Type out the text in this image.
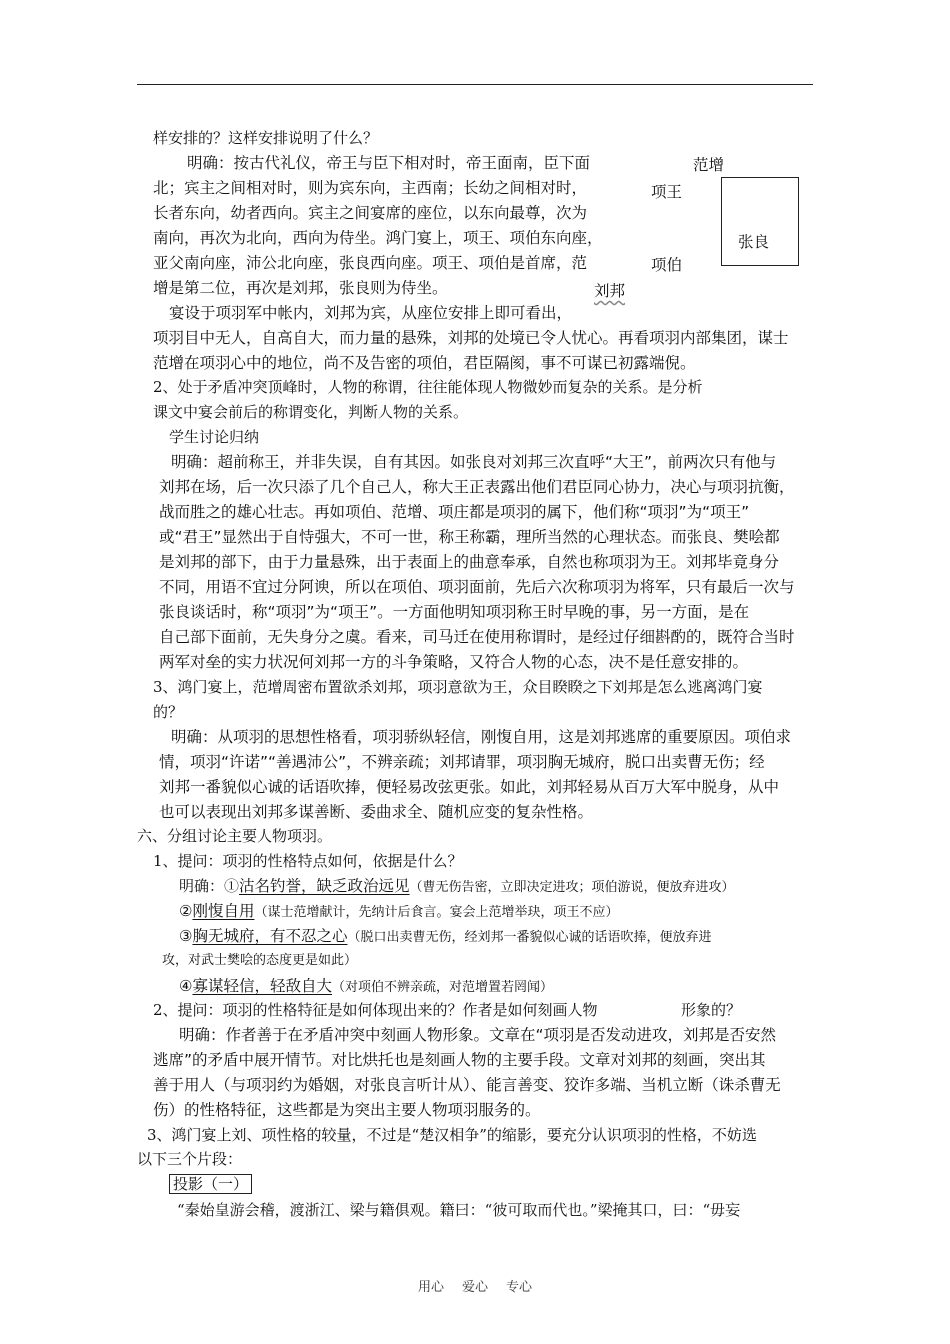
范增
项王
张良
项伯
刘邦
样安排的？这样安排说明了什么？
明确：按古代礼仪，帝王与臣下相对时，帝王面南，臣下面
北；宾主之间相对时，则为宾东向，主西南；长幼之间相对时，
长者东向，幼者西向。宾主之间宴席的座位，以东向最尊，次为
南向，再次为北向，西向为侍坐。鸿门宴上，项王、项伯东向座，
亚父南向座，沛公北向座，张良西向座。项王、项伯是首席，范
增是第二位，再次是刘邦，张良则为侍坐。
宴设于项羽军中帐内，刘邦为宾，从座位安排上即可看出，
项羽目中无人，自高自大，而力量的悬殊，刘邦的处境已令人忧心。再看项羽内部集团，谋士
范增在项羽心中的地位，尚不及告密的项伯，君臣隔阂，事不可谋已初露端倪。
2、处于矛盾冲突顶峰时，人物的称谓，往往能体现人物微妙而复杂的关系。是分析
课文中宴会前后的称谓变化，判断人物的关系。
学生讨论归纳
明确：超前称王，并非失误，自有其因。如张良对刘邦三次直呼“大王”，前两次只有他与
刘邦在场，后一次只添了几个自己人，称大王正表露出他们君臣同心协力，决心与项羽抗衡，
战而胜之的雄心壮志。再如项伯、范增、项庄都是项羽的属下，他们称“项羽”为“项王”
或“君王”显然出于自恃强大，不可一世，称王称霸，理所当然的心理状态。而张良、樊哙都
是刘邦的部下，由于力量悬殊，出于表面上的曲意奉承，自然也称项羽为王。刘邦毕竟身分
不同，用语不宜过分阿谀，所以在项伯、项羽面前，先后六次称项羽为将军，只有最后一次与
张良谈话时，称“项羽”为“项王”。一方面他明知项羽称王时早晚的事，另一方面，是在
自己部下面前，无失身分之虞。看来，司马迁在使用称谓时，是经过仔细斟酌的，既符合当时
两军对垒的实力状况何刘邦一方的斗争策略，又符合人物的心态，决不是任意安排的。
3、鸿门宴上，范增周密布置欲杀刘邦，项羽意欲为王，众目睽睽之下刘邦是怎么逃离鸿门宴
的？
明确：从项羽的思想性格看，项羽骄纵轻信，刚愎自用，这是刘邦逃席的重要原因。项伯求
情，项羽“许诺”“善遇沛公”，不辨亲疏；刘邦请罪，项羽胸无城府，脱口出卖曹无伤；经
刘邦一番貌似心诚的话语吹捧，便轻易改弦更张。如此，刘邦轻易从百万大军中脱身，从中
也可以表现出刘邦多谋善断、委曲求全、随机应变的复杂性格。
六、分组讨论主要人物项羽。
1、提问：项羽的性格特点如何，依据是什么？
明确：①沽名钓誉，缺乏政治远见（曹无伤告密，立即决定进攻；项伯游说，便放弃进攻）
②刚愎自用（谋士范增献计，先纳计后食言。宴会上范增举玦，项王不应）
③胸无城府，有不忍之心（脱口出卖曹无伤，经刘邦一番貌似心诚的话语吹捧，便放弃进
攻，对武士樊哙的态度更是如此）
④寡谋轻信，轻敌自大（对项伯不辨亲疏，对范增置若罔闻）
2、提问：项羽的性格特征是如何体现出来的？作者是如何刻画人物	形象的？
明确：作者善于在矛盾冲突中刻画人物形象。文章在“项羽是否发动进攻，刘邦是否安然
逃席”的矛盾中展开情节。对比烘托也是刻画人物的主要手段。文章对刘邦的刻画，突出其
善于用人（与项羽约为婚姻，对张良言听计从）、能言善变、狡诈多端、当机立断（诛杀曹无
伤）的性格特征，这些都是为突出主要人物项羽服务的。
3、鸿门宴上刘、项性格的较量，不过是“楚汉相争”的缩影，要充分认识项羽的性格，不妨选
以下三个片段：
投影（一）
“秦始皇游会稽，渡浙江、梁与籍俱观。籍曰：“彼可取而代也。”梁掩其口，曰：“毋妄
用心 爱心 专心
